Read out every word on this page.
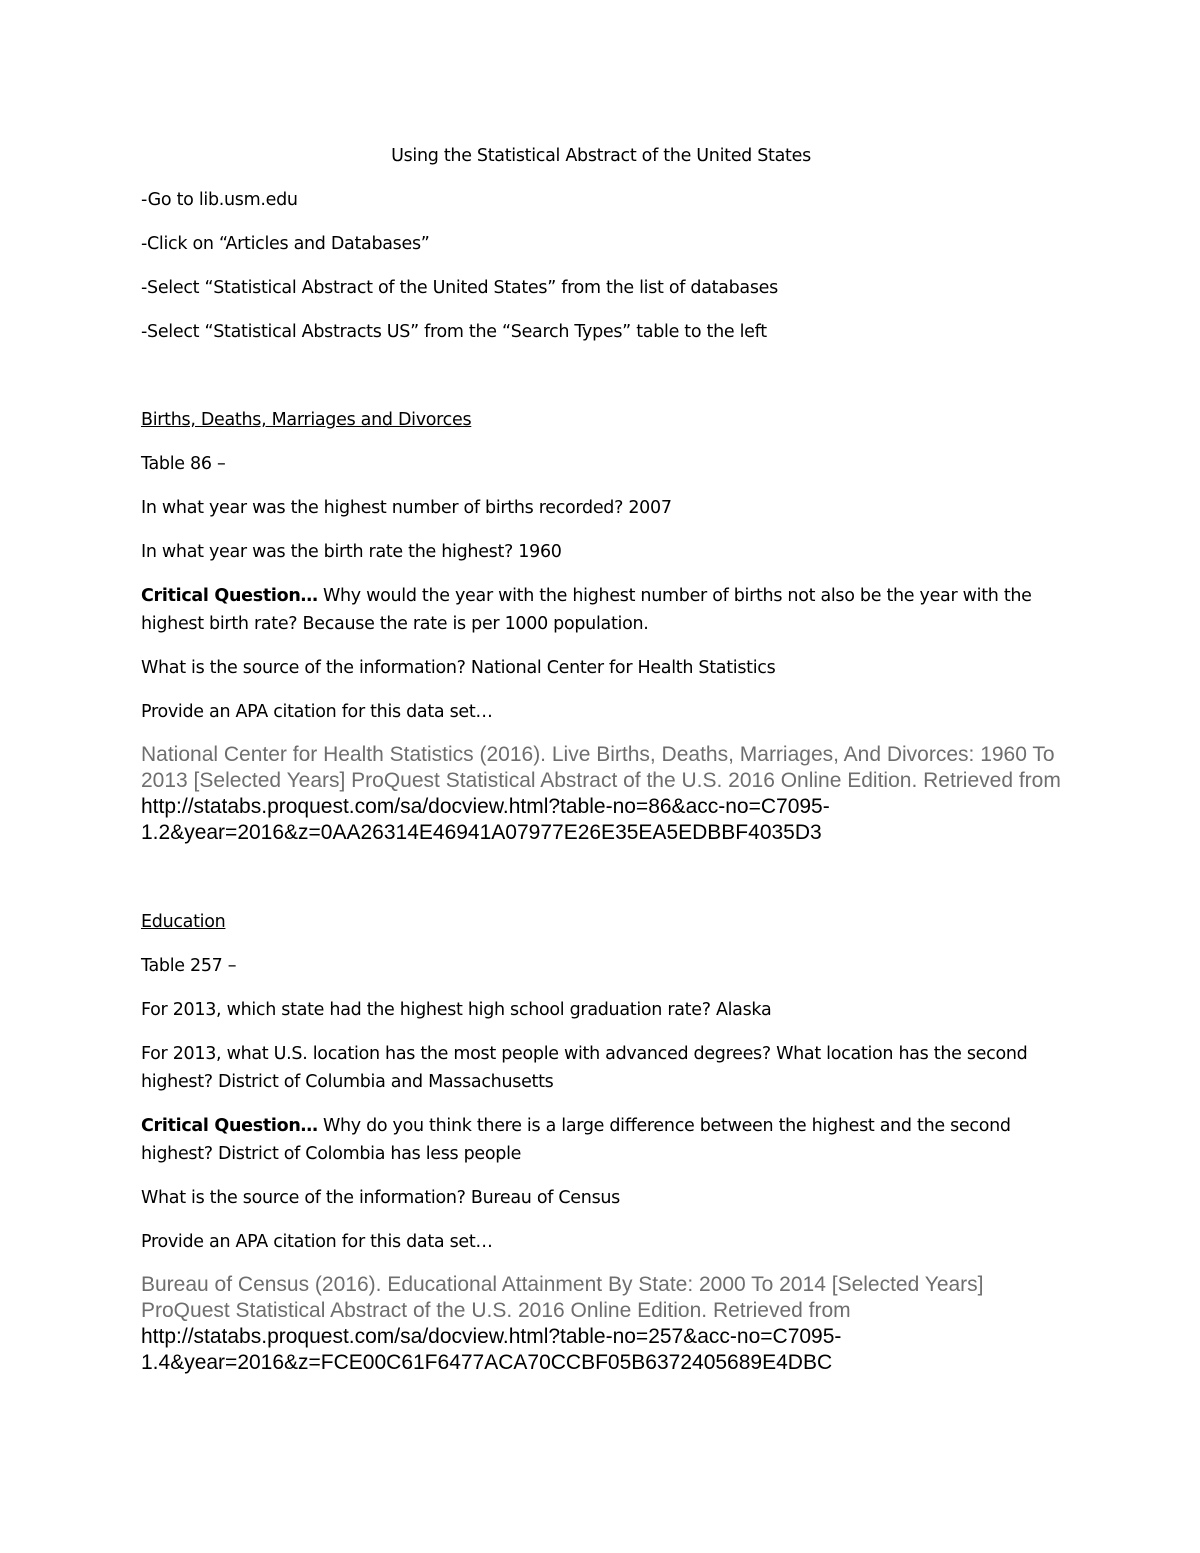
Using the Statistical Abstract of the United States
-Go to lib.usm.edu
-Click on “Articles and Databases”
-Select “Statistical Abstract of the United States” from the list of databases
-Select “Statistical Abstracts US” from the “Search Types” table to the left
Births, Deaths, Marriages and Divorces
Table 86 –
In what year was the highest number of births recorded? 2007
In what year was the birth rate the highest? 1960
Critical Question… Why would the year with the highest number of births not also be the year with the highest birth rate? Because the rate is per 1000 population.
What is the source of the information? National Center for Health Statistics
Provide an APA citation for this data set…
National Center for Health Statistics (2016). Live Births, Deaths, Marriages, And Divorces: 1960 To 2013 [Selected Years] ProQuest Statistical Abstract of the U.S. 2016 Online Edition. Retrieved from
http://statabs.proquest.com/sa/docview.html?table-no=86&acc-no=C7095-
1.2&year=2016&z=0AA26314E46941A07977E26E35EA5EDBBF4035D3
Education
Table 257 –
For 2013, which state had the highest high school graduation rate? Alaska
For 2013, what U.S. location has the most people with advanced degrees? What location has the second highest? District of Columbia and Massachusetts
Critical Question… Why do you think there is a large difference between the highest and the second highest? District of Colombia has less people
What is the source of the information? Bureau of Census
Provide an APA citation for this data set…
Bureau of Census (2016). Educational Attainment By State: 2000 To 2014 [Selected Years] ProQuest Statistical Abstract of the U.S. 2016 Online Edition. Retrieved from
http://statabs.proquest.com/sa/docview.html?table-no=257&acc-no=C7095-
1.4&year=2016&z=FCE00C61F6477ACA70CCBF05B6372405689E4DBC
